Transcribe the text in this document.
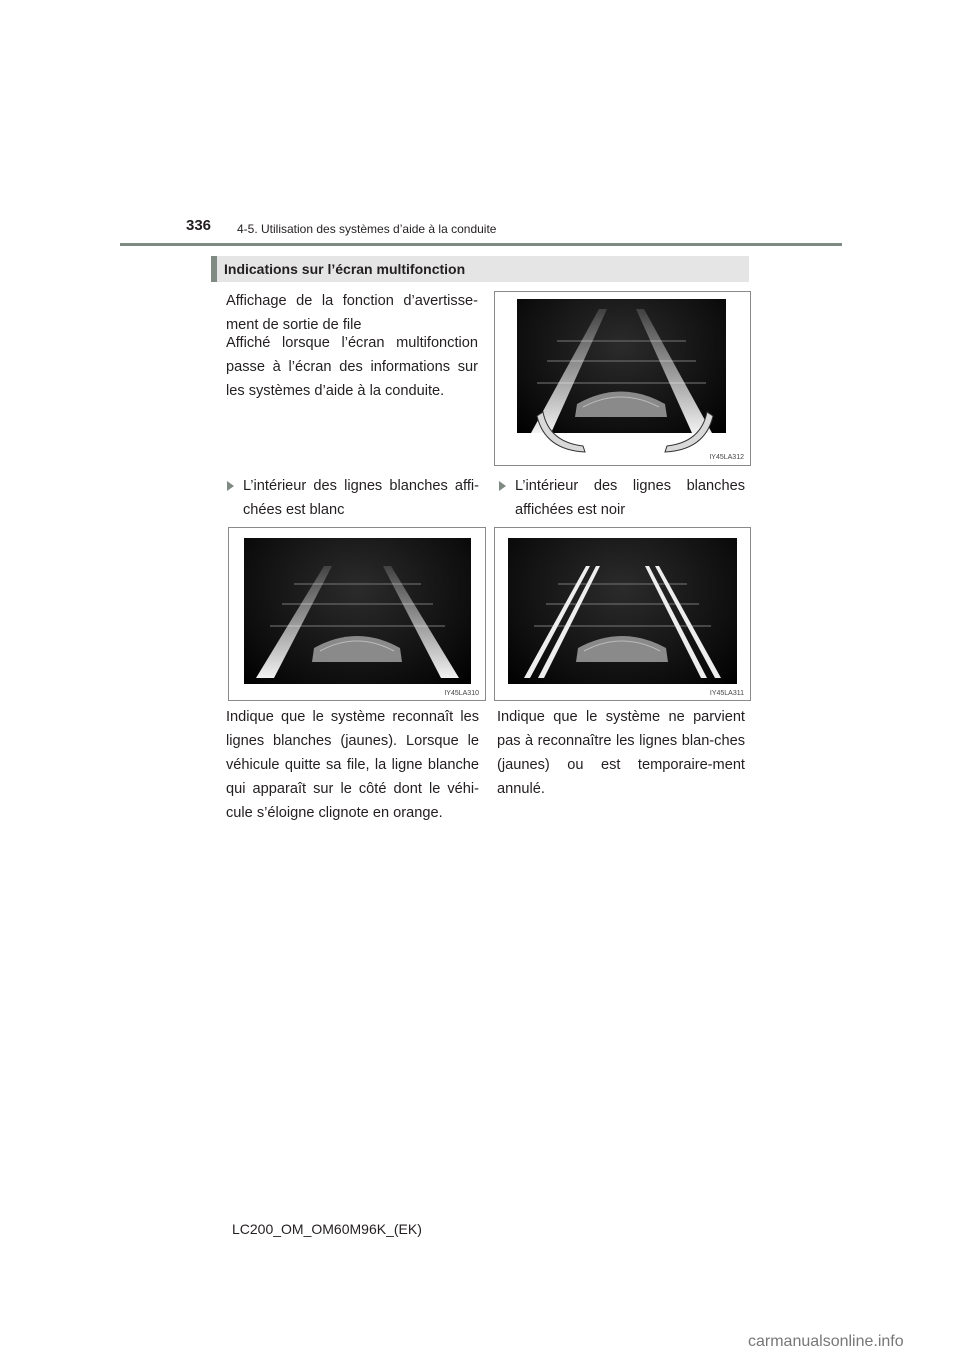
336 4-5. Utilisation des systèmes d’aide à la conduite
Indications sur l’écran multifonction
Affichage de la fonction d’avertisse-ment de sortie de file
Affiché lorsque l’écran multifonction passe à l’écran des informations sur les systèmes d’aide à la conduite.
IY45LA312
L’intérieur des lignes blanches affi-chées est blanc
L’intérieur des lignes blanches affichées est noir
IY45LA310	IY45LA311
Indique que le système reconnaît les lignes blanches (jaunes). Lorsque le véhicule quitte sa file, la ligne blanche qui apparaît sur le côté dont le véhi-cule s’éloigne clignote en orange.
Indique que le système ne parvient pas à reconnaître les lignes blan-ches (jaunes) ou est temporaire-ment annulé.
LC200_OM_OM60M96K_(EK)
carmanualsonline.info
